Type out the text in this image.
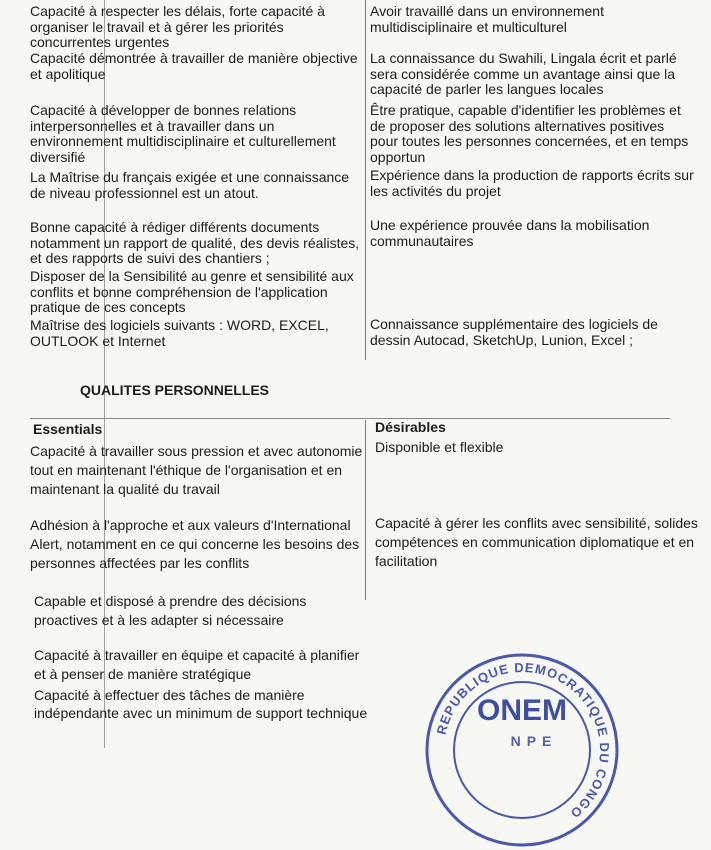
Capacité à respecter les délais, forte capacité à organiser le travail et à gérer les priorités concurrentes urgentes
Avoir travaillé dans un environnement multidisciplinaire et multiculturel
Capacité démontrée à travailler de manière objective et apolitique
La connaissance du Swahili, Lingala écrit et parlé sera considérée comme un avantage ainsi que la capacité de parler les langues locales
Capacité à développer de bonnes relations interpersonnelles et à travailler dans un environnement multidisciplinaire et culturellement diversifié
Être pratique, capable d'identifier les problèmes et de proposer des solutions alternatives positives pour toutes les personnes concernées, et en temps opportun
La Maîtrise du français exigée et une connaissance de niveau professionnel est un atout.
Expérience dans la production de rapports écrits sur les activités du projet
Bonne capacité à rédiger différents documents notamment un rapport de qualité, des devis réalistes, et des rapports de suivi des chantiers ;
Une expérience prouvée dans la mobilisation communautaires
Disposer de la Sensibilité au genre et sensibilité aux conflits et bonne compréhension de l'application pratique de ces concepts
Maîtrise des logiciels suivants : WORD, EXCEL, OUTLOOK et Internet
Connaissance supplémentaire des logiciels de dessin Autocad, SketchUp, Lunion, Excel ;
QUALITES PERSONNELLES
Essentials	Désirables
Capacité à travailler sous pression et avec autonomie tout en maintenant l'éthique de l'organisation et en maintenant la qualité du travail
Disponible et flexible
Adhésion à l'approche et aux valeurs d'International Alert, notamment en ce qui concerne les besoins des personnes affectées par les conflits
Capacité à gérer les conflits avec sensibilité, solides compétences en communication diplomatique et en facilitation
Capable et disposé à prendre des décisions proactives et à les adapter si nécessaire
Capacité à travailler en équipe et capacité à planifier et à penser de manière stratégique
Capacité à effectuer des tâches de manière indépendante avec un minimum de support technique
REPUBLIQUE DEMOCRATIQUE DU CONGO
ONEM
NPE
